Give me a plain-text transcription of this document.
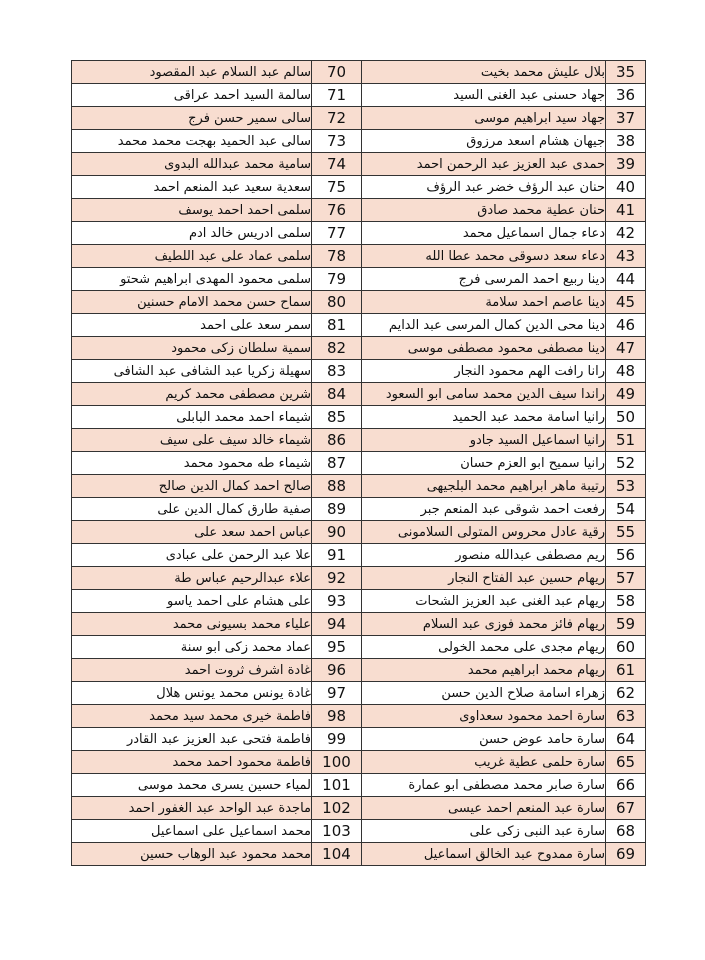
سالم عبد السلام عبد المقصود	70	بلال عليش محمد بخيت	35
سالمة السيد احمد عراقى	71	جهاد حسنى عبد الغنى السيد	36
سالى سمير حسن فرج	72	جهاد سيد ابراهيم موسى	37
سالى عبد الحميد بهجت محمد محمد	73	جيهان هشام اسعد مرزوق	38
سامية محمد عبدالله البدوى	74	حمدى عبد العزيز عبد الرحمن احمد	39
سعدية سعيد عبد المنعم احمد	75	حنان عبد الرؤف خضر عبد الرؤف	40
سلمى احمد احمد يوسف	76	حنان عطية محمد صادق	41
سلمى ادريس خالد ادم	77	دعاء جمال اسماعيل محمد	42
سلمى عماد على عبد اللطيف	78	دعاء سعد دسوقى محمد عطا الله	43
سلمى محمود المهدى ابراهيم شحتو	79	دينا ربيع احمد المرسى فرج	44
سماح حسن محمد الامام حسنين	80	دينا عاصم احمد سلامة	45
سمر سعد على احمد	81	دينا محى الدين كمال المرسى عبد الدايم	46
سمية سلطان زكى محمود	82	دينا مصطفى محمود مصطفى موسى	47
سهيلة زكريا عبد الشافى عبد الشافى	83	رانا رافت الهم محمود النجار	48
شرين مصطفى محمد كريم	84	راندا سيف الدين محمد سامى ابو السعود	49
شيماء احمد محمد البابلى	85	رانيا اسامة محمد عبد الحميد	50
شيماء خالد سيف على سيف	86	رانيا اسماعيل السيد جادو	51
شيماء طه محمود محمد	87	رانيا سميح ابو العزم حسان	52
صالح احمد كمال الدين صالح	88	رتيبة ماهر ابراهيم محمد البلجيهى	53
صفية طارق كمال الدين على	89	رفعت احمد شوقى عبد المنعم جبر	54
عباس احمد سعد على	90	رقية عادل محروس المتولى السلامونى	55
علا عبد الرحمن على عبادى	91	ريم مصطفى عبدالله منصور	56
علاء عبدالرحيم عباس طة	92	ريهام حسين عبد الفتاح النجار	57
على هشام على احمد ياسو	93	ريهام عبد الغنى عبد العزيز الشحات	58
علياء محمد بسيونى محمد	94	ريهام فائز محمد فوزى عبد السلام	59
عماد محمد زكى ابو سنة	95	ريهام مجدى على محمد الخولى	60
غادة اشرف ثروت احمد	96	ريهام محمد ابراهيم محمد	61
غادة يونس محمد يونس هلال	97	زهراء اسامة صلاح الدين حسن	62
فاطمة خيرى محمد سيد محمد	98	سارة احمد محمود سعداوى	63
فاطمة فتحى عبد العزيز عبد القادر	99	سارة حامد عوض حسن	64
فاطمة محمود احمد محمد	100	سارة حلمى عطية غريب	65
لمياء حسين يسرى محمد موسى	101	سارة صابر محمد مصطفى ابو عمارة	66
ماجدة عبد الواحد عبد الغفور احمد	102	سارة عبد المنعم احمد عيسى	67
محمد اسماعيل على اسماعيل	103	سارة عبد النبى زكى على	68
محمد محمود عبد الوهاب حسين	104	سارة ممدوح عبد الخالق اسماعيل	69
